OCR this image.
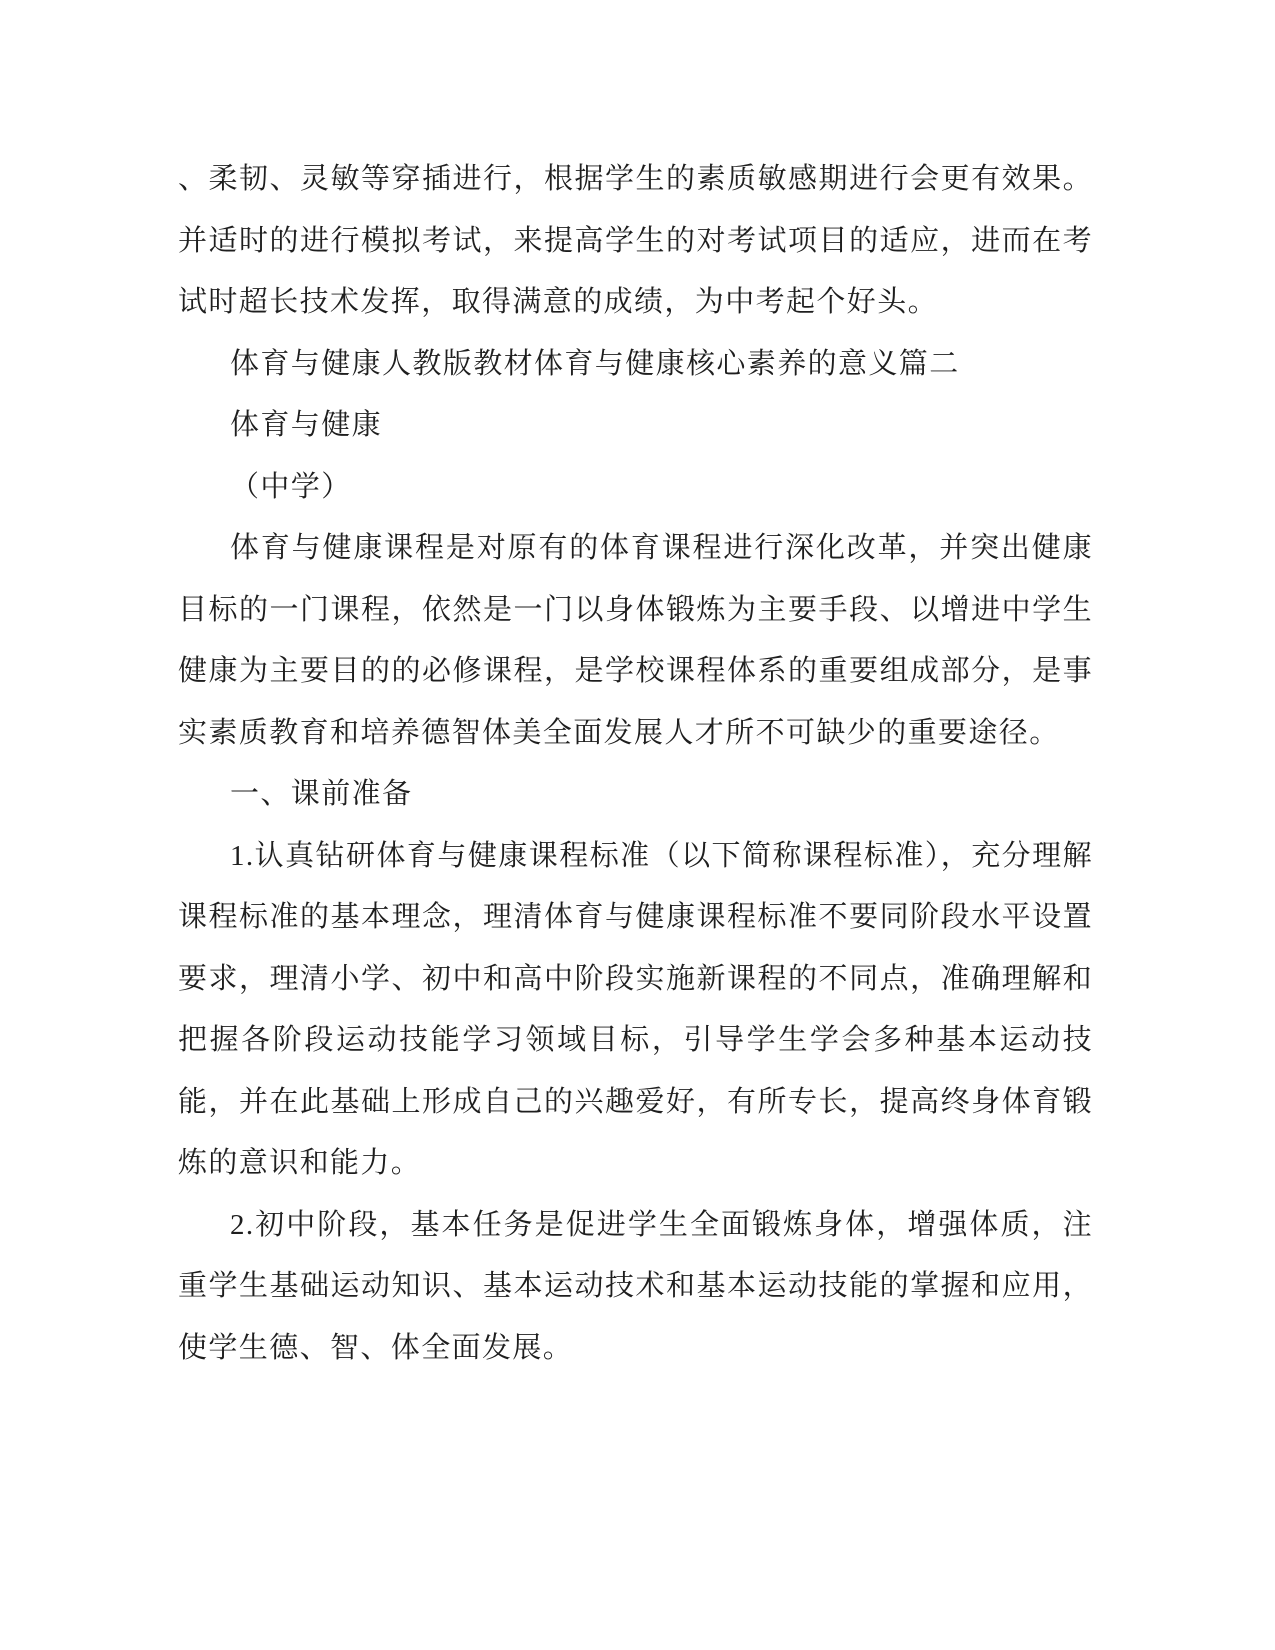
、柔韧、灵敏等穿插进行，根据学生的素质敏感期进行会更有效果。并适时的进行模拟考试，来提高学生的对考试项目的适应，进而在考试时超长技术发挥，取得满意的成绩，为中考起个好头。

体育与健康人教版教材体育与健康核心素养的意义篇二

体育与健康

（中学）

体育与健康课程是对原有的体育课程进行深化改革，并突出健康目标的一门课程，依然是一门以身体锻炼为主要手段、以增进中学生健康为主要目的的必修课程，是学校课程体系的重要组成部分，是事实素质教育和培养德智体美全面发展人才所不可缺少的重要途径。

一、课前准备

1.认真钻研体育与健康课程标准（以下简称课程标准），充分理解课程标准的基本理念，理清体育与健康课程标准不要同阶段水平设置要求，理清小学、初中和高中阶段实施新课程的不同点，准确理解和把握各阶段运动技能学习领域目标，引导学生学会多种基本运动技能，并在此基础上形成自己的兴趣爱好，有所专长，提高终身体育锻炼的意识和能力。

2.初中阶段，基本任务是促进学生全面锻炼身体，增强体质，注重学生基础运动知识、基本运动技术和基本运动技能的掌握和应用，使学生德、智、体全面发展。
